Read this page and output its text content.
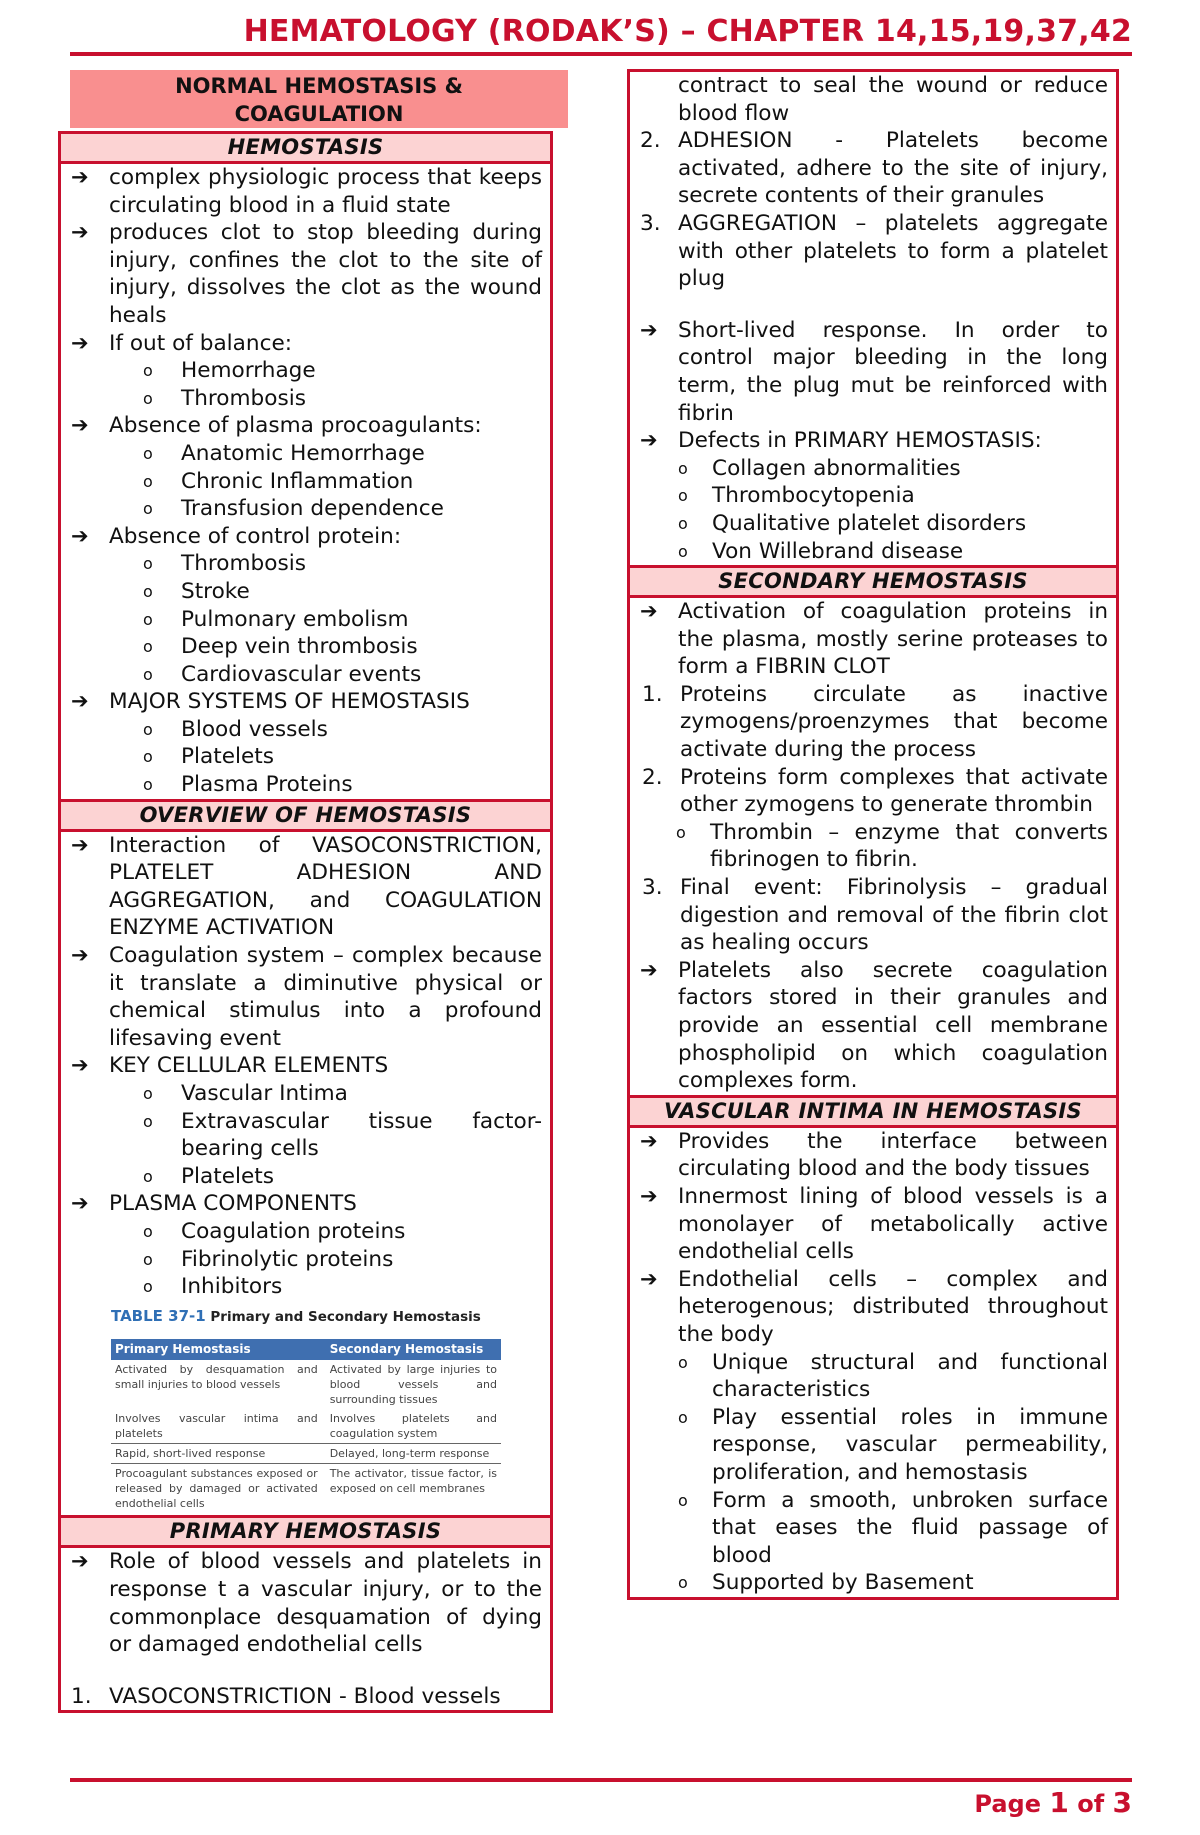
HEMATOLOGY (RODAK’S) – CHAPTER 14,15,19,37,42
NORMAL HEMOSTASIS &
COAGULATION
HEMOSTASIS
➔ complex physiologic process that keeps circulating blood in a fluid state
➔ produces clot to stop bleeding during injury, confines the clot to the site of injury, dissolves the clot as the wound heals
➔ If out of balance:
o	Hemorrhage
o	Thrombosis
➔ Absence of plasma procoagulants:
o	Anatomic Hemorrhage
o	Chronic Inflammation
o	Transfusion dependence
➔ Absence of control protein:
o	Thrombosis
o	Stroke
o	Pulmonary embolism
o	Deep vein thrombosis
o	Cardiovascular events
➔ MAJOR SYSTEMS OF HEMOSTASIS
o	Blood vessels
o	Platelets
o	Plasma Proteins
OVERVIEW OF HEMOSTASIS
➔ Interaction of VASOCONSTRICTION, PLATELET ADHESION AND AGGREGATION, and COAGULATION ENZYME ACTIVATION
➔ Coagulation system – complex because it translate a diminutive physical or chemical stimulus into a profound lifesaving event
➔ KEY CELLULAR ELEMENTS
o	Vascular Intima
o	Extravascular tissue factor-bearing cells
o	Platelets
➔ PLASMA COMPONENTS
o	Coagulation proteins
o	Fibrinolytic proteins
o	Inhibitors
TABLE 37-1 Primary and Secondary Hemostasis
Primary Hemostasis	Secondary Hemostasis
Activated by desquamation and small injuries to blood vessels	Activated by large injuries to blood vessels and surrounding tissues
Involves vascular intima and platelets	Involves platelets and coagulation system
Rapid, short-lived response	Delayed, long-term response
Procoagulant substances exposed or released by damaged or activated endothelial cells	The activator, tissue factor, is exposed on cell membranes
PRIMARY HEMOSTASIS
➔ Role of blood vessels and platelets in response t a vascular injury, or to the commonplace desquamation of dying or damaged endothelial cells
1. VASOCONSTRICTION - Blood vessels
contract to seal the wound or reduce blood flow
2. ADHESION - Platelets become activated, adhere to the site of injury, secrete contents of their granules
3. AGGREGATION – platelets aggregate with other platelets to form a platelet plug
➔ Short-lived response. In order to control major bleeding in the long term, the plug mut be reinforced with fibrin
➔ Defects in PRIMARY HEMOSTASIS:
o	Collagen abnormalities
o	Thrombocytopenia
o	Qualitative platelet disorders
o	Von Willebrand disease
SECONDARY HEMOSTASIS
➔ Activation of coagulation proteins in the plasma, mostly serine proteases to form a FIBRIN CLOT
1. Proteins circulate as inactive zymogens/proenzymes that become activate during the process
2. Proteins form complexes that activate other zymogens to generate thrombin
o	Thrombin – enzyme that converts fibrinogen to fibrin.
3. Final event: Fibrinolysis – gradual digestion and removal of the fibrin clot as healing occurs
➔ Platelets also secrete coagulation factors stored in their granules and provide an essential cell membrane phospholipid on which coagulation complexes form.
VASCULAR INTIMA IN HEMOSTASIS
➔ Provides the interface between circulating blood and the body tissues
➔ Innermost lining of blood vessels is a monolayer of metabolically active endothelial cells
➔ Endothelial cells – complex and heterogenous; distributed throughout the body
o	Unique structural and functional characteristics
o	Play essential roles in immune response, vascular permeability, proliferation, and hemostasis
o	Form a smooth, unbroken surface that eases the fluid passage of blood
o	Supported by Basement
Page 1 of 3
